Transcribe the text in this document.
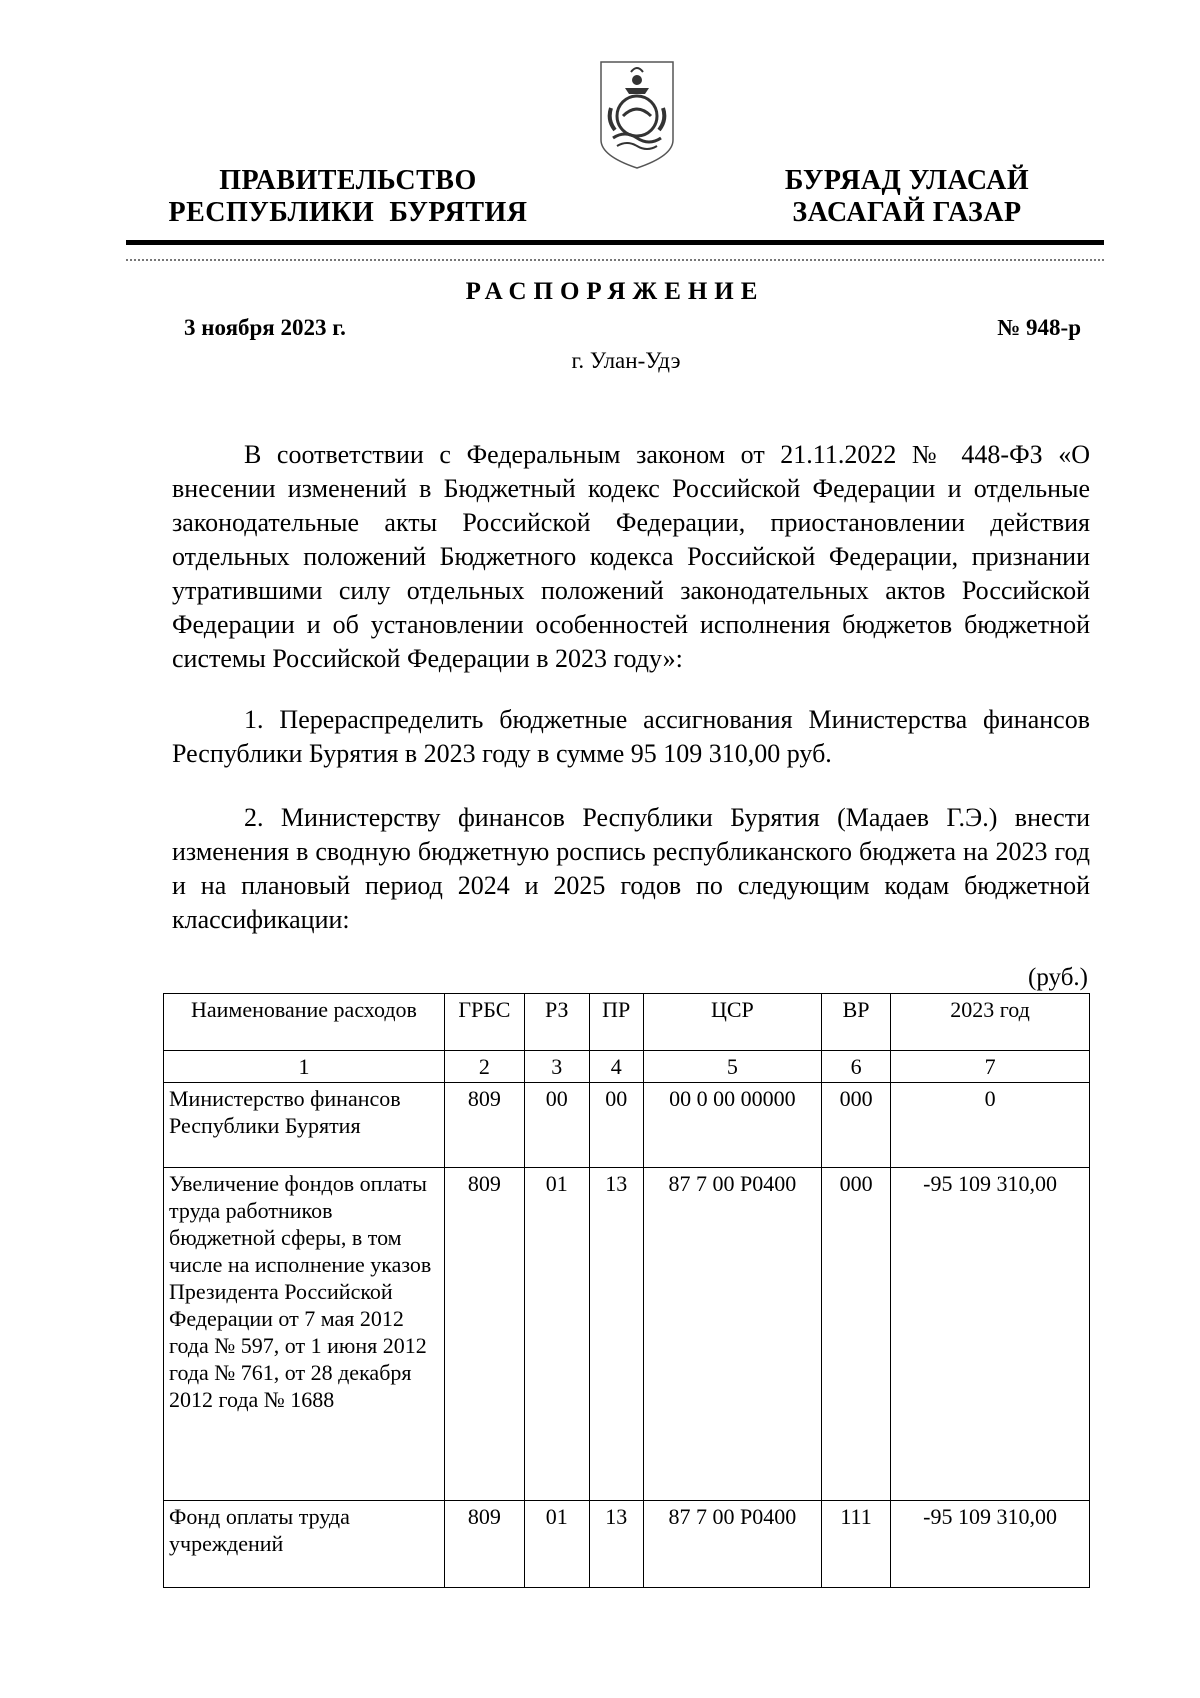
ПРАВИТЕЛЬСТВО
РЕСПУБЛИКИ  БУРЯТИЯ
БУРЯАД УЛАСАЙ
ЗАСАГАЙ ГАЗАР
РАСПОРЯЖЕНИЕ
3 ноября 2023 г.	№ 948-р
г. Улан-Удэ
В соответствии с Федеральным законом от 21.11.2022 № 448-ФЗ «О внесении изменений в Бюджетный кодекс Российской Федерации и отдельные законодательные акты Российской Федерации, приостановлении действия отдельных положений Бюджетного кодекса Российской Федерации, признании утратившими силу отдельных положений законодательных актов Российской Федерации и об установлении особенностей исполнения бюджетов бюджетной системы Российской Федерации в 2023 году»:
1. Перераспределить бюджетные ассигнования Министерства финансов Республики Бурятия в 2023 году в сумме 95 109 310,00 руб.
2. Министерству финансов Республики Бурятия (Мадаев Г.Э.) внести изменения в сводную бюджетную роспись республиканского бюджета на 2023 год и на плановый период 2024 и 2025 годов по следующим кодам бюджетной классификации:
(руб.)
Наименование расходов	ГРБС	РЗ	ПР	ЦСР	ВР	2023 год
1	2	3	4	5	6	7
Министерство финансов Республики Бурятия	809	00	00	00 0 00 00000	000	0
Увеличение фондов оплаты труда работников бюджетной сферы, в том числе на исполнение указов Президента Российской Федерации от 7 мая 2012 года № 597, от 1 июня 2012 года № 761, от 28 декабря 2012 года № 1688	809	01	13	87 7 00 Р0400	000	-95 109 310,00
Фонд оплаты труда учреждений	809	01	13	87 7 00 Р0400	111	-95 109 310,00
